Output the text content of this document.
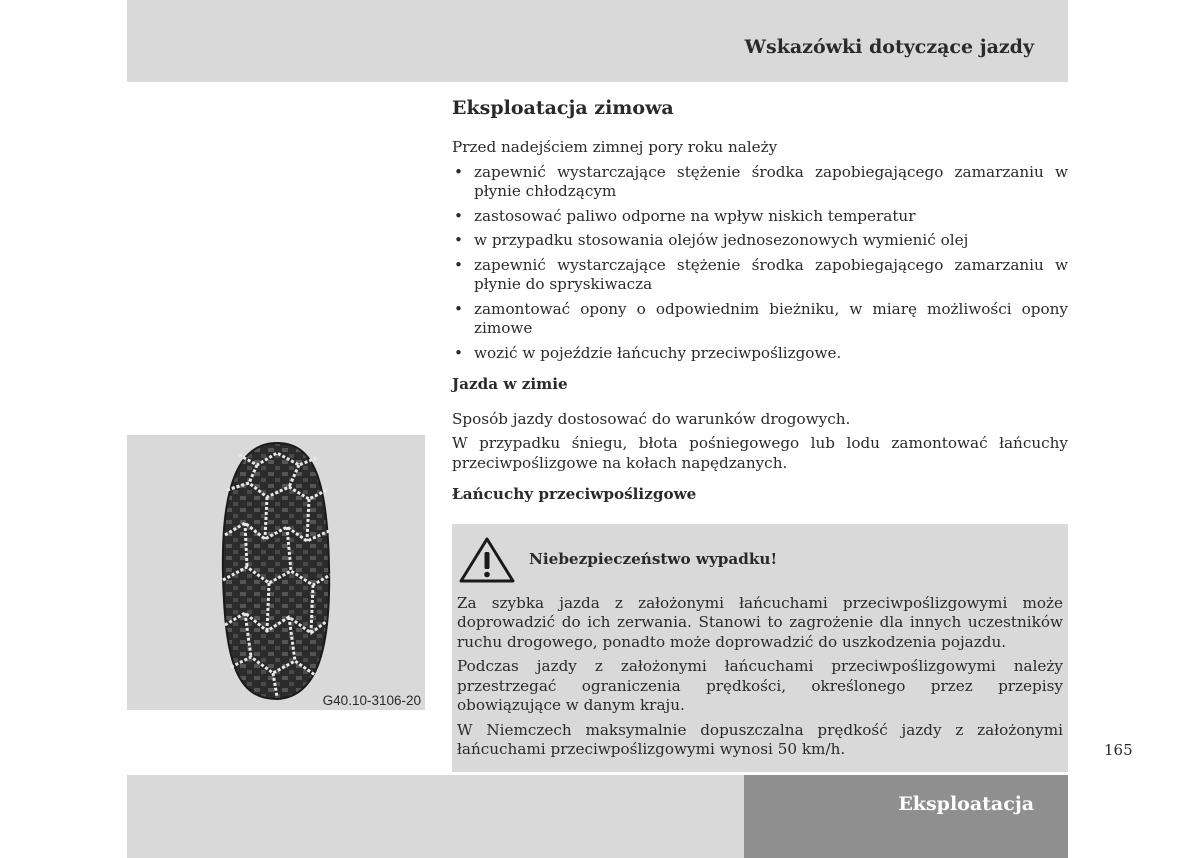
Wskazówki dotyczące jazdy
G40.10-3106-20
Eksploatacja zimowa

Przed nadejściem zimnej pory roku należy

• zapewnić wystarczające stężenie środka zapobiegającego zamarzaniu w płynie chłodzącym
• zastosować paliwo odporne na wpływ niskich temperatur
• w przypadku stosowania olejów jednosezonowych wymienić olej
• zapewnić wystarczające stężenie środka zapobiegającego zamarzaniu w płynie do spryskiwacza
• zamontować opony o odpowiednim bieżniku, w miarę możliwości opony zimowe
• wozić w pojeździe łańcuchy przeciwpoślizgowe.
Jazda w zimie

Sposób jazdy dostosować do warunków drogowych.

W przypadku śniegu, błota pośniegowego lub lodu zamontować łańcuchy przeciwpoślizgowe na kołach napędzanych.

Łańcuchy przeciwpoślizgowe
Niebezpieczeństwo wypadku!

Za szybka jazda z założonymi łańcuchami przeciwpoślizgowymi może doprowadzić do ich zerwania. Stanowi to zagrożenie dla innych uczestników ruchu drogowego, ponadto może doprowadzić do uszkodzenia pojazdu.

Podczas jazdy z założonymi łańcuchami przeciwpoślizgowymi należy przestrzegać ograniczenia prędkości, określonego przez przepisy obowiązujące w danym kraju.

W Niemczech maksymalnie dopuszczalna prędkość jazdy z założonymi łańcuchami przeciwpoślizgowymi wynosi 50 km/h.	165
Eksploatacja
